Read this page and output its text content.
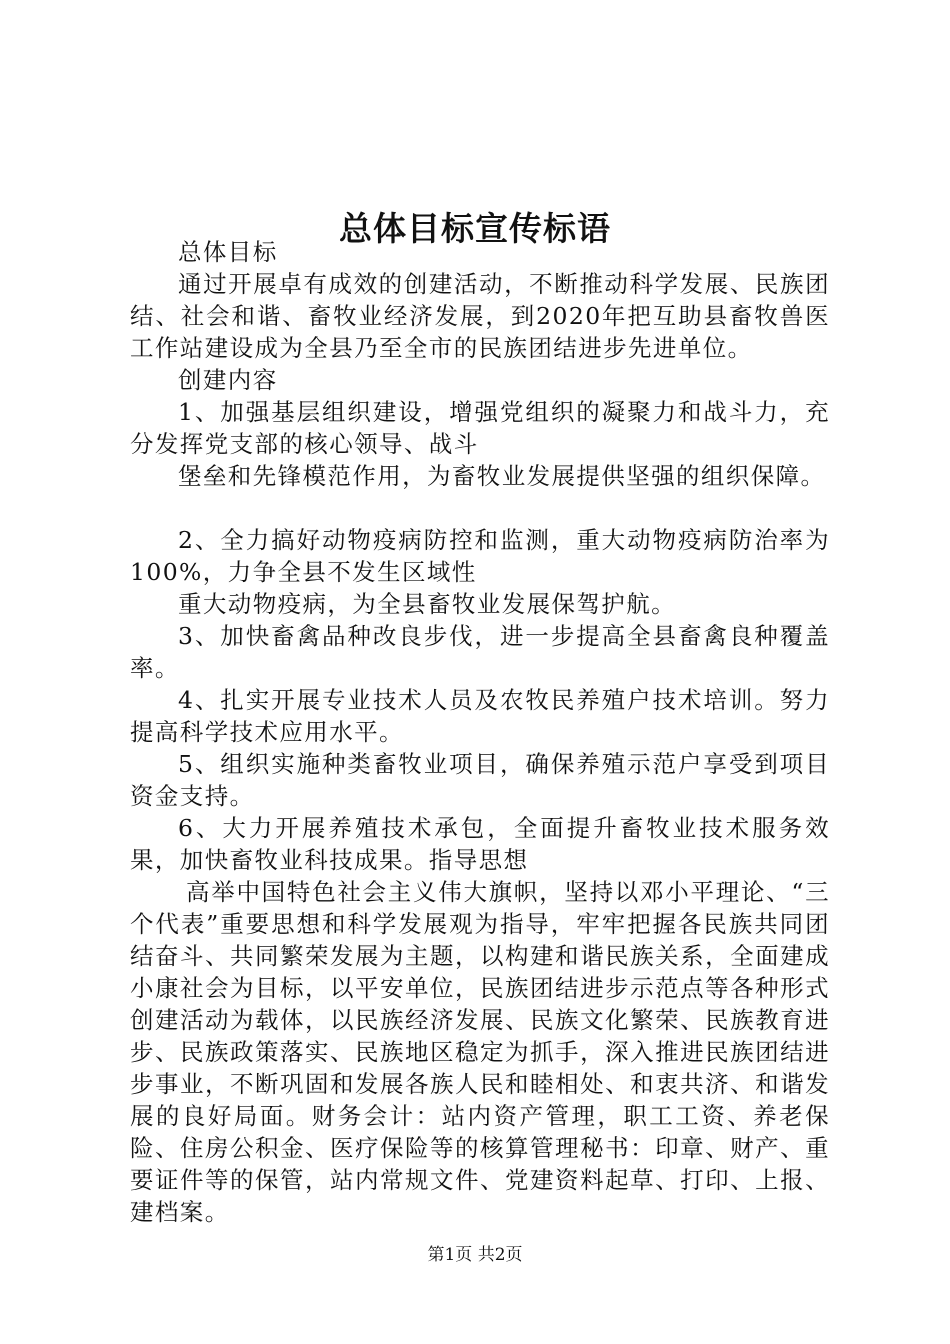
总体目标宣传标语

总体目标

通过开展卓有成效的创建活动，不断推动科学发展、民族团结、社会和谐、畜牧业经济发展，到2020年把互助县畜牧兽医工作站建设成为全县乃至全市的民族团结进步先进单位。

创建内容

1、加强基层组织建设，增强党组织的凝聚力和战斗力，充分发挥党支部的核心领导、战斗

堡垒和先锋模范作用，为畜牧业发展提供坚强的组织保障。

2、全力搞好动物疫病防控和监测，重大动物疫病防治率为100%，力争全县不发生区域性

重大动物疫病，为全县畜牧业发展保驾护航。

3、加快畜禽品种改良步伐，进一步提高全县畜禽良种覆盖率。

4、扎实开展专业技术人员及农牧民养殖户技术培训。努力提高科学技术应用水平。

5、组织实施种类畜牧业项目，确保养殖示范户享受到项目资金支持。

6、大力开展养殖技术承包，全面提升畜牧业技术服务效果，加快畜牧业科技成果。指导思想

高举中国特色社会主义伟大旗帜，坚持以邓小平理论、“三个代表”重要思想和科学发展观为指导，牢牢把握各民族共同团结奋斗、共同繁荣发展为主题，以构建和谐民族关系，全面建成小康社会为目标，以平安单位，民族团结进步示范点等各种形式创建活动为载体，以民族经济发展、民族文化繁荣、民族教育进步、民族政策落实、民族地区稳定为抓手，深入推进民族团结进步事业，不断巩固和发展各族人民和睦相处、和衷共济、和谐发展的良好局面。财务会计：站内资产管理，职工工资、养老保险、住房公积金、医疗保险等的核算管理秘书：印章、财产、重要证件等的保管，站内常规文件、党建资料起草、打印、上报、建档案。

第1页 共2页
